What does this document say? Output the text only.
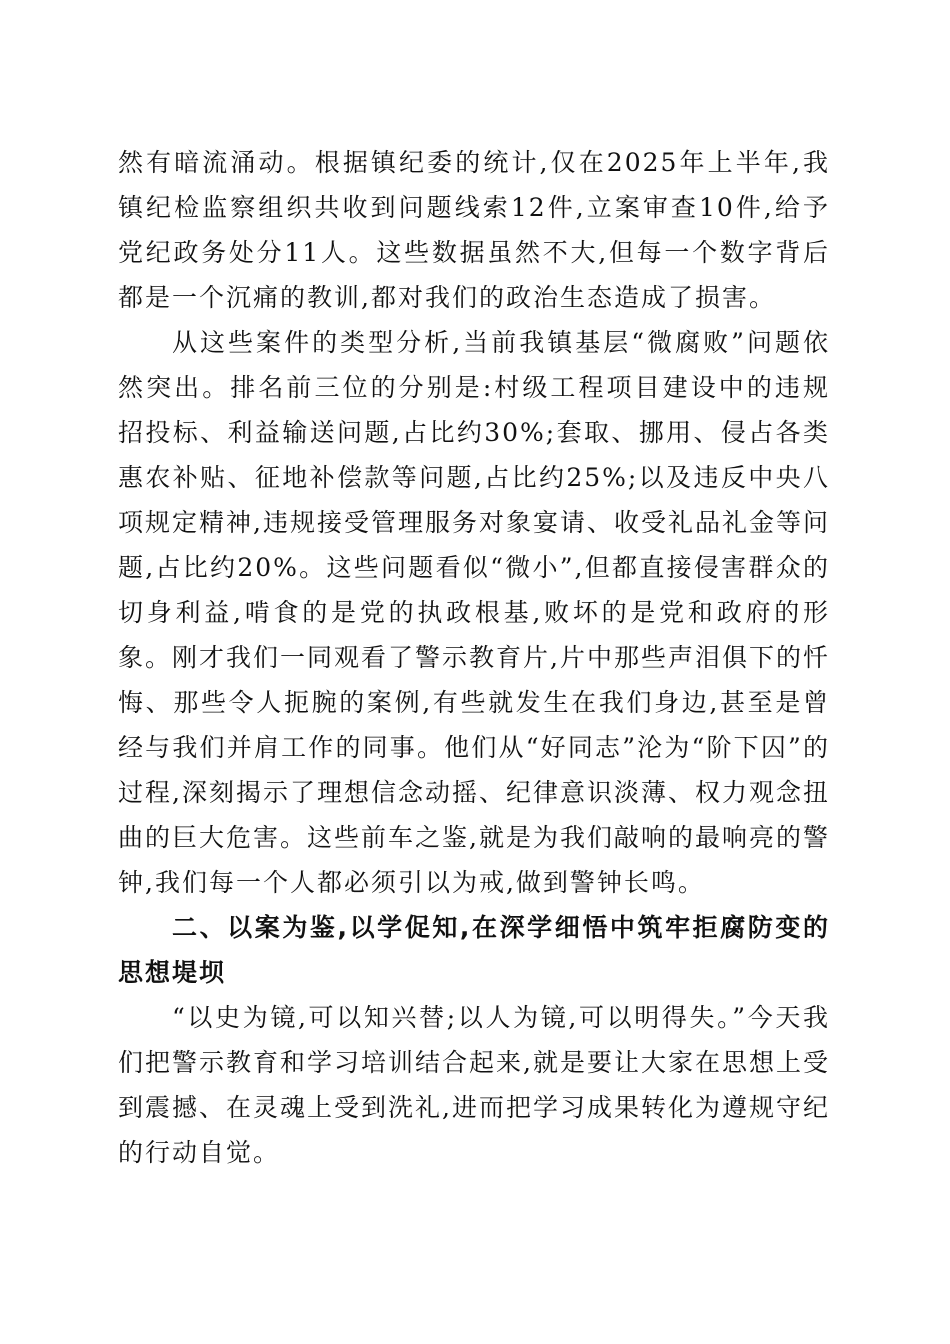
然有暗流涌动。根据镇纪委的统计,仅在2025年上半年,我镇纪检监察组织共收到问题线索12件,立案审查10件,给予党纪政务处分11人。这些数据虽然不大,但每一个数字背后都是一个沉痛的教训,都对我们的政治生态造成了损害。

从这些案件的类型分析,当前我镇基层“微腐败”问题依然突出。排名前三位的分别是:村级工程项目建设中的违规招投标、利益输送问题,占比约30%;套取、挪用、侵占各类惠农补贴、征地补偿款等问题,占比约25%;以及违反中央八项规定精神,违规接受管理服务对象宴请、收受礼品礼金等问题,占比约20%。这些问题看似“微小”,但都直接侵害群众的切身利益,啃食的是党的执政根基,败坏的是党和政府的形象。刚才我们一同观看了警示教育片,片中那些声泪俱下的忏悔、那些令人扼腕的案例,有些就发生在我们身边,甚至是曾经与我们并肩工作的同事。他们从“好同志”沦为“阶下囚”的过程,深刻揭示了理想信念动摇、纪律意识淡薄、权力观念扭曲的巨大危害。这些前车之鉴,就是为我们敲响的最响亮的警钟,我们每一个人都必须引以为戒,做到警钟长鸣。

二、以案为鉴,以学促知,在深学细悟中筑牢拒腐防变的思想堤坝

“以史为镜,可以知兴替;以人为镜,可以明得失。”今天我们把警示教育和学习培训结合起来,就是要让大家在思想上受到震撼、在灵魂上受到洗礼,进而把学习成果转化为遵规守纪的行动自觉。
